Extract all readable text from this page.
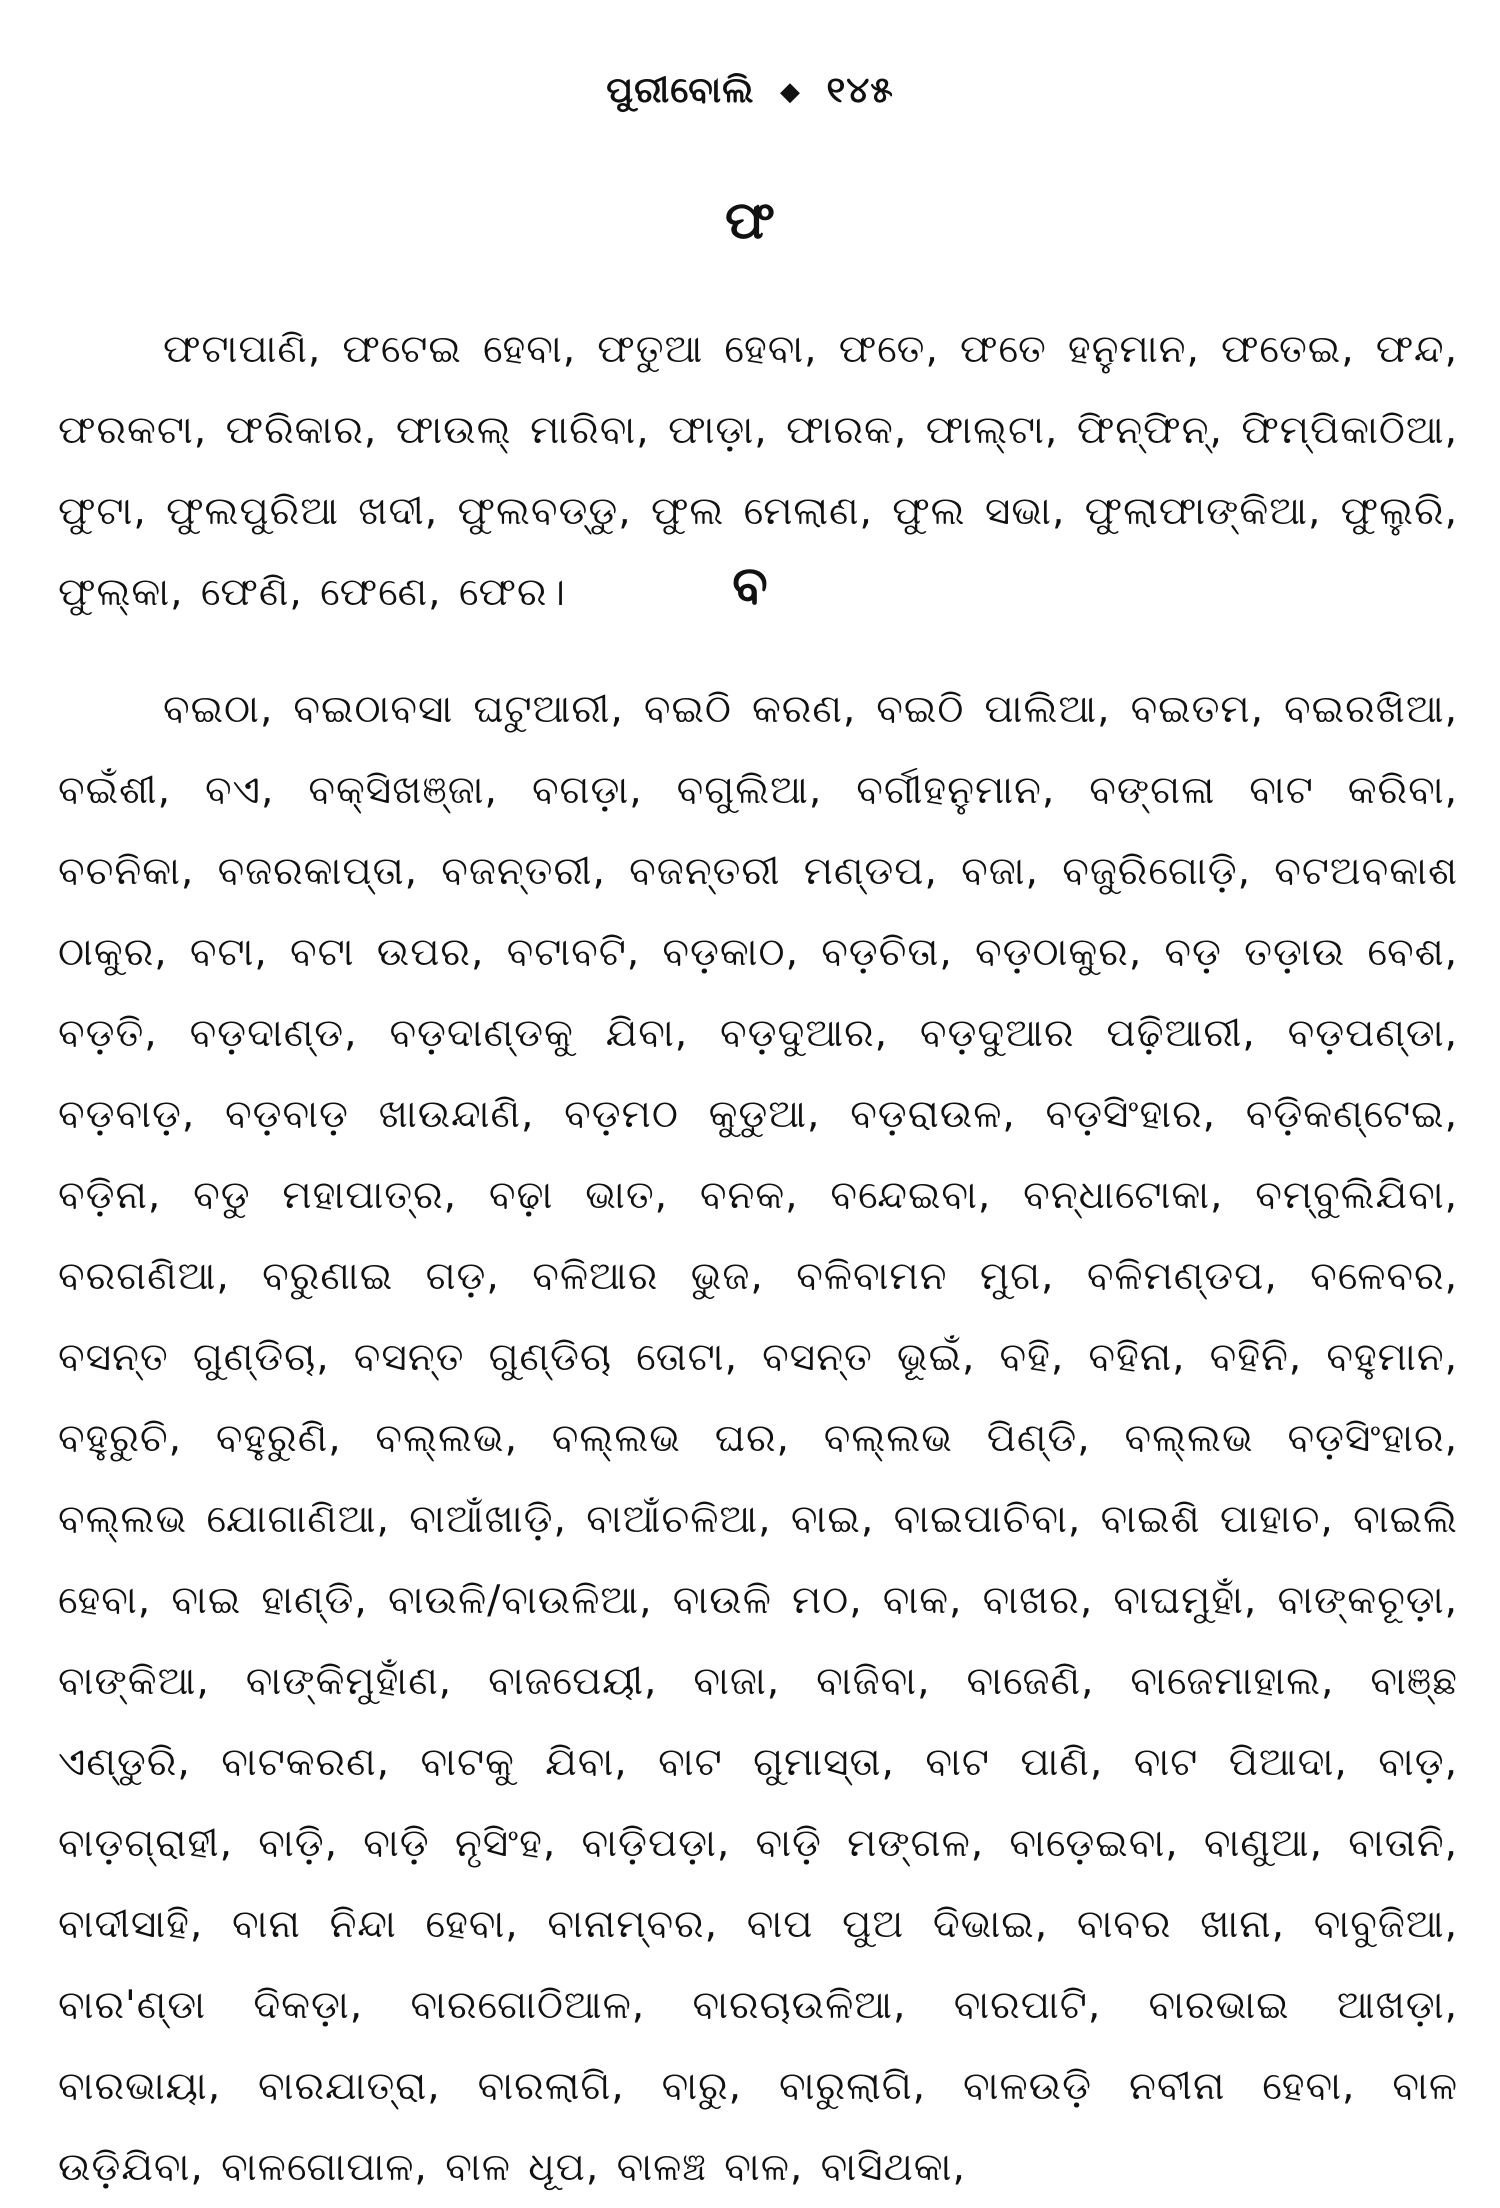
ପୁରୀବୋଲି ◆ ୧୪୫
ଫ

ଫଟାପାଣି, ଫଟେଇ ହେବା, ଫତୁଆ ହେବା, ଫତେ, ଫତେ ହନୁମାନ, ଫତେଇ, ଫନ୍ଦ, ଫରକଟା, ଫରିକାର, ଫାଉଲ୍ ମାରିବା, ଫାଡ଼ା, ଫାରକ, ଫାଲ୍‌ଟା, ଫିନ୍‌ଫିନ୍, ଫିମ୍ପିକାଠିଆ, ଫୁଟା, ଫୁଲପୁରିଆ ଖଦୀ, ଫୁଲବଡ୍ଡୁ, ଫୁଲ ମେଲାଣ, ଫୁଲ ସଭା, ଫୁଲାଫାଙ୍କିଆ, ଫୁଲୁରି, ଫୁଲ୍‌କା, ଫେଣି, ଫେଣେ, ଫେର।	ବ

ବଇଠା, ବଇଠାବସା ଘଟୁଆରୀ, ବଇଠି କରଣ, ବଇଠି ପାଲିଆ, ବଇତମ, ବଇରଖିଆ, ବଇଁଶୀ, ବଏ, ବକ୍ସିଖଞ୍ଜା, ବଗଡ଼ା, ବଗୁଲିଆ, ବର୍ଗୀହନୁମାନ, ବଙ୍ଗଳା ବାଟ କରିବା, ବଚନିକା, ବଜରକାପ୍ତା, ବଜନ୍ତରୀ, ବଜନ୍ତରୀ ମଣ୍ଡପ, ବଜା, ବଜୁରିଗୋଡ଼ି, ବଟଅବକାଶ ଠାକୁର, ବଟା, ବଟା ଉପର, ବଟାବଟି, ବଡ଼କାଠ, ବଡ଼ଚିତା, ବଡ଼ଠାକୁର, ବଡ଼ ତଡ଼ାଉ ବେଶ, ବଡ଼ତି, ବଡ଼ଦାଣ୍ଡ, ବଡ଼ଦାଣ୍ଡକୁ ଯିବା, ବଡ଼ଦୁଆର, ବଡ଼ଦୁଆର ପଢ଼ିଆରୀ, ବଡ଼ପଣ୍ଡା, ବଡ଼ବାଡ଼, ବଡ଼ବାଡ଼ ଖାଉନ୍ଦାଣି, ବଡ଼ମଠ କୁଡୁଆ, ବଡ଼ରାଉଳ, ବଡ଼ସିଂହାର, ବଡ଼ିକଣ୍ଟେଇ, ବଡ଼ିନା, ବଡୁ ମହାପାତ୍ର, ବଢ଼ା ଭାତ, ବନକ, ବନ୍ଦେଇବା, ବନ୍ଧାଟୋକା, ବମ୍ବୁଲିଯିବା, ବରଗଣିଆ, ବରୁଣାଇ ଗଡ଼, ବଳିଆର ଭୁଜ, ବଳିବାମନ ମୁଗ, ବଳିମଣ୍ଡପ, ବଳେବର, ବସନ୍ତ ଗୁଣ୍ଡିଚା, ବସନ୍ତ ଗୁଣ୍ଡିଚା ତୋଟା, ବସନ୍ତ ଭୂଇଁ, ବହି, ବହିନା, ବହିନି, ବହୁମାନ, ବହୁରୁଚି, ବହୁରୁଣି, ବଲ୍ଲଭ, ବଲ୍ଲଭ ଘର, ବଲ୍ଲଭ ପିଣ୍ଡି, ବଲ୍ଲଭ ବଡ଼ସିଂହାର, ବଲ୍ଲଭ ଯୋଗାଣିଆ, ବାଆଁଖାଡ଼ି, ବାଆଁଚଳିଆ, ବାଇ, ବାଇପାଚିବା, ବାଇଶି ପାହାଚ, ବାଇଲି ହେବା, ବାଇ ହାଣ୍ଡି, ବାଉଳି/ବାଉଳିଆ, ବାଉଳି ମଠ, ବାକ, ବାଖର, ବାଘମୁହାଁ, ବାଙ୍କଚୂଡ଼ା, ବାଙ୍କିଆ, ବାଙ୍କିମୁହାଁଣ, ବାଜପେୟୀ, ବାଜା, ବାଜିବା, ବାଜେଣି, ବାଜେମାହାଲ, ବାଞ୍ଛ ଏଣ୍ଡୁରି, ବାଟକରଣ, ବାଟକୁ ଯିବା, ବାଟ ଗୁମାସ୍ତା, ବାଟ ପାଣି, ବାଟ ପିଆଦା, ବାଡ଼, ବାଡ଼ଗ୍ରାହୀ, ବାଡ଼ି, ବାଡ଼ି ନୃସିଂହ, ବାଡ଼ିପଡ଼ା, ବାଡ଼ି ମଙ୍ଗଳ, ବାଡ଼େଇବା, ବାଣୁଆ, ବାତାନି, ବାଦୀସାହି, ବାନା ନିନ୍ଦା ହେବା, ବାନାମ୍ବର, ବାପ ପୁଅ ଦିଭାଇ, ବାବର ଖାନା, ବାବୁଜିଆ, ବାର'ଣ୍ଡା ଦିକଡ଼ା, ବାରଗୋଠିଆଳ, ବାରଚାଉଳିଆ, ବାରପାଟି, ବାରଭାଇ ଆଖଡ଼ା, ବାରଭାୟା, ବାରଯାତ୍ରା, ବାରଲାଗି, ବାରୁ, ବାରୁଲାଗି, ବାଳଉଡ଼ି ନବୀନା ହେବା, ବାଳ ଉଡ଼ିଯିବା, ବାଳଗୋପାଳ, ବାଳ ଧୂପ, ବାଳଞ୍ଚ ବାଳ, ବାସିଥକା,
